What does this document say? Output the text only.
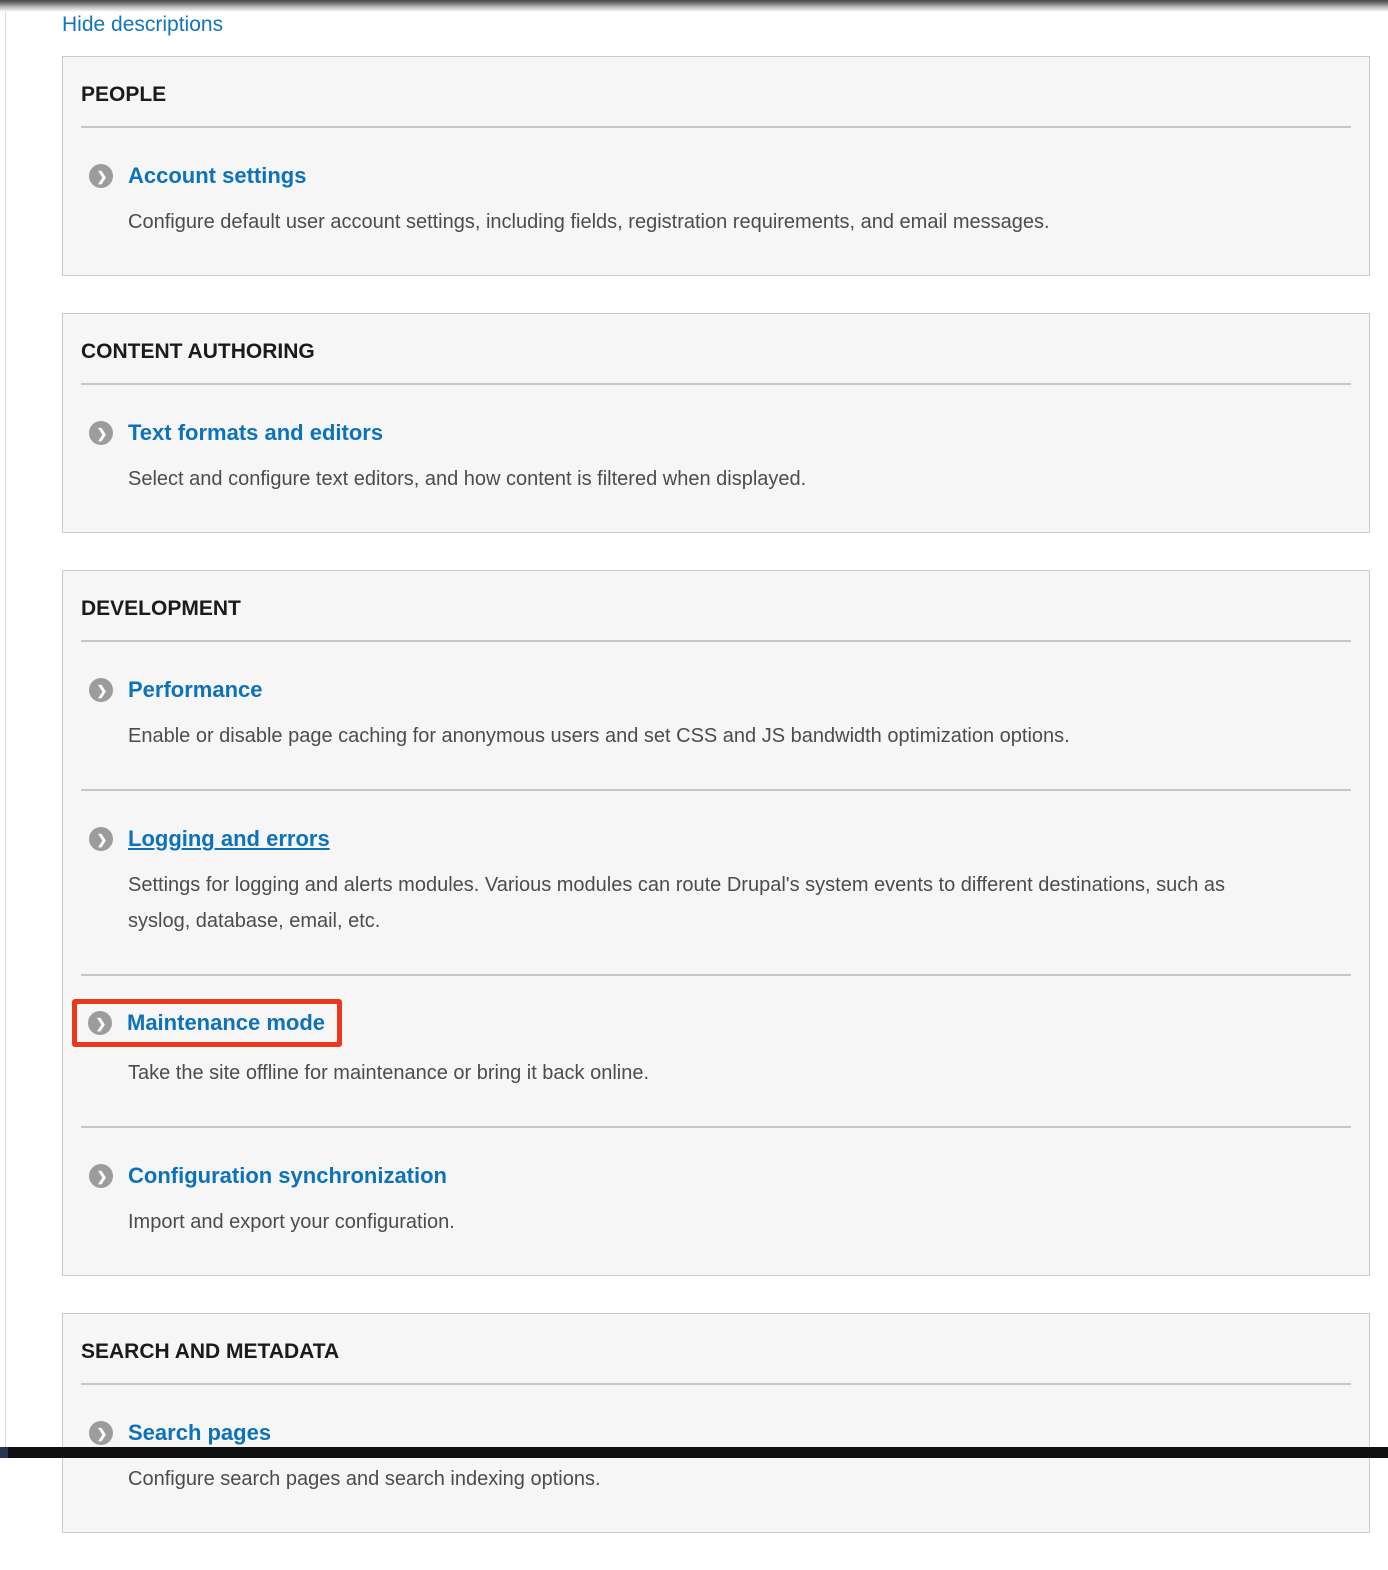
Hide descriptions
PEOPLE
❯ Account settings
Configure default user account settings, including fields, registration requirements, and email messages.
CONTENT AUTHORING
❯ Text formats and editors
Select and configure text editors, and how content is filtered when displayed.
DEVELOPMENT
❯ Performance
Enable or disable page caching for anonymous users and set CSS and JS bandwidth optimization options.
❯ Logging and errors
Settings for logging and alerts modules. Various modules can route Drupal's system events to different destinations, such as syslog, database, email, etc.
❯ Maintenance mode
Take the site offline for maintenance or bring it back online.
❯ Configuration synchronization
Import and export your configuration.
SEARCH AND METADATA
❯ Search pages
Configure search pages and search indexing options.
